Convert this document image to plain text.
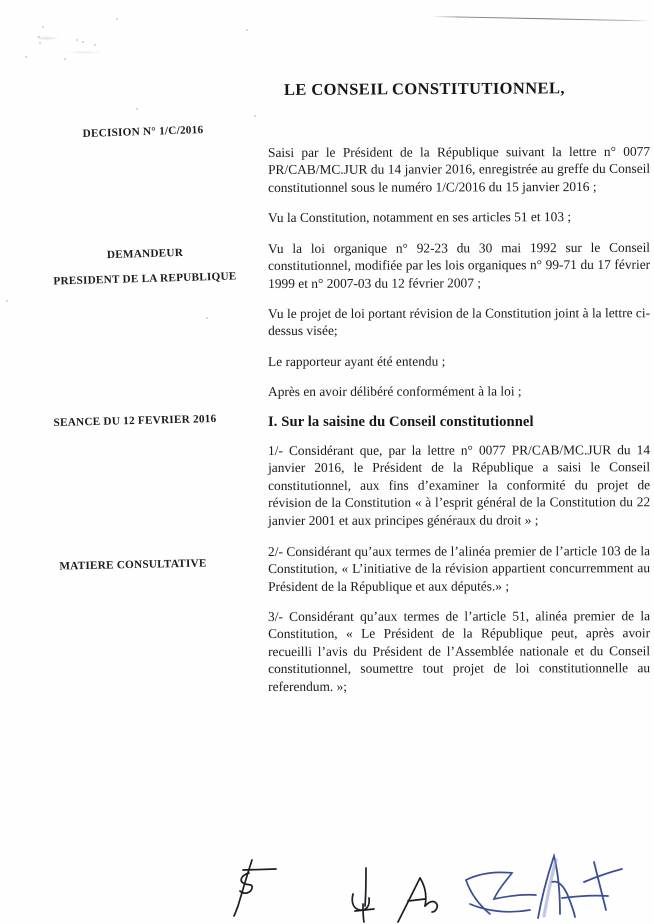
DECISION N° 1/C/2016
DEMANDEUR
PRESIDENT DE LA REPUBLIQUE
SEANCE DU 12 FEVRIER 2016
MATIERE CONSULTATIVE
LE CONSEIL CONSTITUTIONNEL,

Saisi par le Président de la République suivant la lettre n° 0077 PR/CAB/MC.JUR du 14 janvier 2016, enregistrée au greffe du Conseil constitutionnel sous le numéro 1/C/2016 du 15 janvier 2016 ;

Vu la Constitution, notamment en ses articles 51 et 103 ;

Vu la loi organique n° 92-23 du 30 mai 1992 sur le Conseil constitutionnel, modifiée par les lois organiques n° 99-71 du 17 février 1999 et n° 2007-03 du 12 février 2007 ;

Vu le projet de loi portant révision de la Constitution joint à la lettre ci-dessus visée;

Le rapporteur ayant été entendu ;

Après en avoir délibéré conformément à la loi ;

I. Sur la saisine du Conseil constitutionnel

1/- Considérant que, par la lettre n° 0077 PR/CAB/MC.JUR du 14 janvier 2016, le Président de la République a saisi le Conseil constitutionnel, aux fins d’examiner la conformité du projet de révision de la Constitution « à l’esprit général de la Constitution du 22 janvier 2001 et aux principes généraux du droit » ;

2/- Considérant qu’aux termes de l’alinéa premier de l’article 103 de la Constitution, « L’initiative de la révision appartient concurremment au Président de la République et aux députés.» ;

3/- Considérant qu’aux termes de l’article 51, alinéa premier de la Constitution, « Le Président de la République peut, après avoir recueilli l’avis du Président de l’Assemblée nationale et du Conseil constitutionnel, soumettre tout projet de loi constitutionnelle au referendum. »;
